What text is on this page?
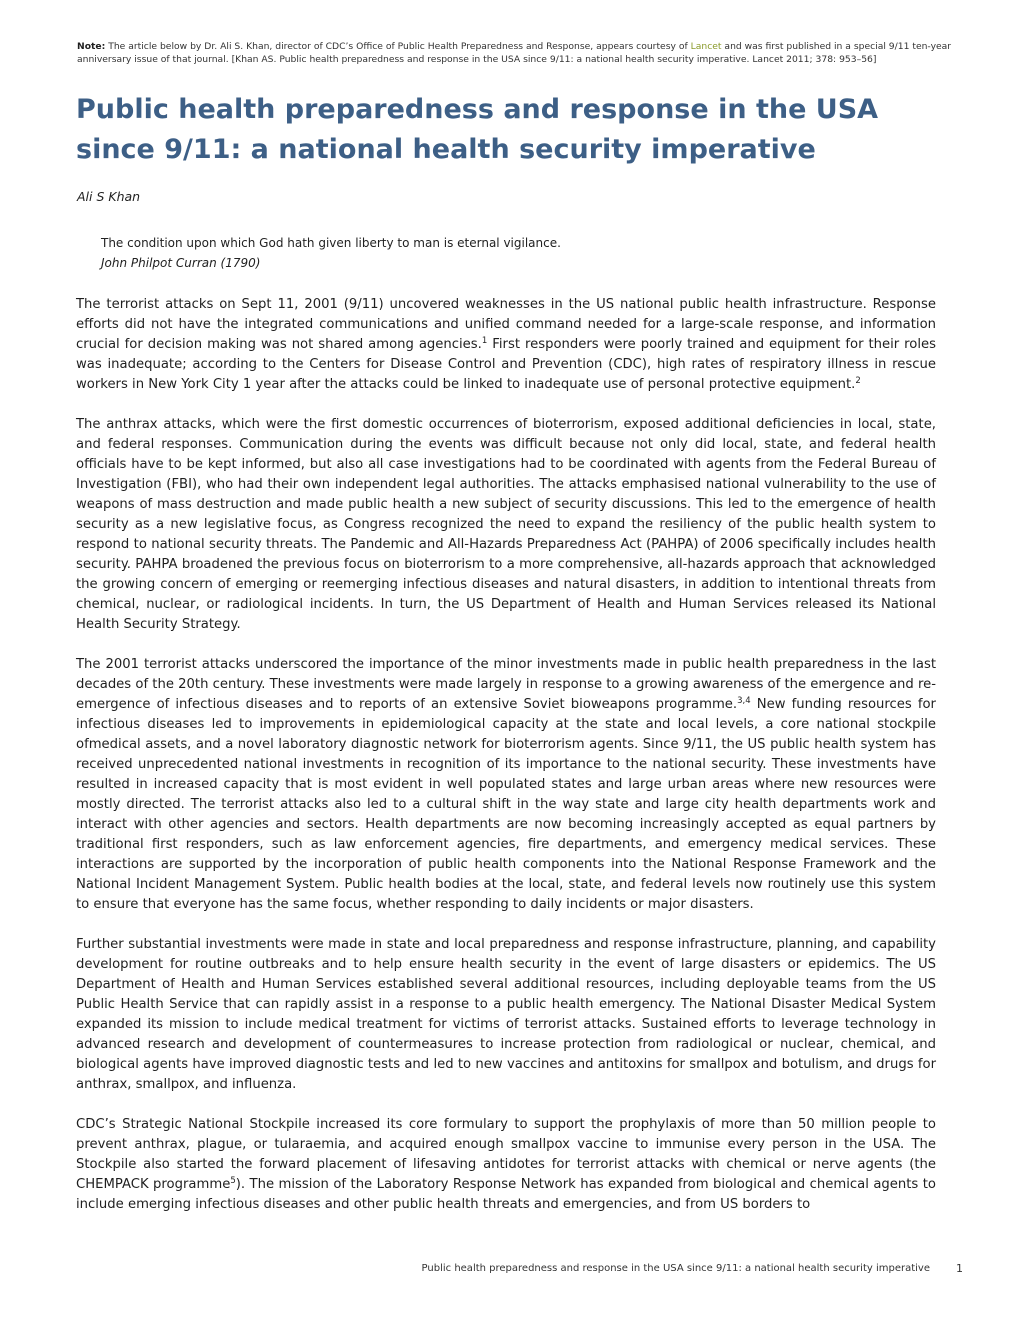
Note: The article below by Dr. Ali S. Khan, director of CDC’s Office of Public Health Preparedness and Response, appears courtesy of Lancet and was first published in a special 9/11 ten-year anniversary issue of that journal. [Khan AS. Public health preparedness and response in the USA since 9/11: a national health security imperative. Lancet 2011; 378: 953–56]
Public health preparedness and response in the USA
since 9/11: a national health security imperative

Ali S Khan

The condition upon which God hath given liberty to man is eternal vigilance.
John Philpot Curran (1790)

The terrorist attacks on Sept 11, 2001 (9/11) uncovered weaknesses in the US national public health infrastructure. Response efforts did not have the integrated communications and unified command needed for a large-scale response, and information crucial for decision making was not shared among agencies.$^1$ First responders were poorly trained and equipment for their roles was inadequate; according to the Centers for Disease Control and Prevention (CDC), high rates of respiratory illness in rescue workers in New York City 1 year after the attacks could be linked to inadequate use of personal protective equipment.$^2$

The anthrax attacks, which were the first domestic occurrences of bioterrorism, exposed additional deficiencies in local, state, and federal responses. Communication during the events was difficult because not only did local, state, and federal health officials have to be kept informed, but also all case investigations had to be coordinated with agents from the Federal Bureau of Investigation (FBI), who had their own independent legal authorities. The attacks emphasised national vulnerability to the use of weapons of mass destruction and made public health a new subject of security discussions. This led to the emergence of health security as a new legislative focus, as Congress recognized the need to expand the resiliency of the public health system to respond to national security threats. The Pandemic and All-Hazards Preparedness Act (PAHPA) of 2006 specifically includes health security. PAHPA broadened the previous focus on bioterrorism to a more comprehensive, all-hazards approach that acknowledged the growing concern of emerging or reemerging infectious diseases and natural disasters, in addition to intentional threats from chemical, nuclear, or radiological incidents. In turn, the US Department of Health and Human Services released its National Health Security Strategy.

The 2001 terrorist attacks underscored the importance of the minor investments made in public health preparedness in the last decades of the 20th century. These investments were made largely in response to a growing awareness of the emergence and re-emergence of infectious diseases and to reports of an extensive Soviet bioweapons programme.$^{3,4}$ New funding resources for infectious diseases led to improvements in epidemiological capacity at the state and local levels, a core national stockpile ofmedical assets, and a novel laboratory diagnostic network for bioterrorism agents. Since 9/11, the US public health system has received unprecedented national investments in recognition of its importance to the national security. These investments have resulted in increased capacity that is most evident in well populated states and large urban areas where new resources were mostly directed. The terrorist attacks also led to a cultural shift in the way state and large city health departments work and interact with other agencies and sectors. Health departments are now becoming increasingly accepted as equal partners by traditional first responders, such as law enforcement agencies, fire departments, and emergency medical services. These interactions are supported by the incorporation of public health components into the National Response Framework and the National Incident Management System. Public health bodies at the local, state, and federal levels now routinely use this system to ensure that everyone has the same focus, whether responding to daily incidents or major disasters.

Further substantial investments were made in state and local preparedness and response infrastructure, planning, and capability development for routine outbreaks and to help ensure health security in the event of large disasters or epidemics. The US Department of Health and Human Services established several additional resources, including deployable teams from the US Public Health Service that can rapidly assist in a response to a public health emergency. The National Disaster Medical System expanded its mission to include medical treatment for victims of terrorist attacks. Sustained efforts to leverage technology in advanced research and development of countermeasures to increase protection from radiological or nuclear, chemical, and biological agents have improved diagnostic tests and led to new vaccines and antitoxins for smallpox and botulism, and drugs for anthrax, smallpox, and influenza.

CDC’s Strategic National Stockpile increased its core formulary to support the prophylaxis of more than 50 million people to prevent anthrax, plague, or tularaemia, and acquired enough smallpox vaccine to immunise every person in the USA. The Stockpile also started the forward placement of lifesaving antidotes for terrorist attacks with chemical or nerve agents (the CHEMPACK programme$^5$). The mission of the Laboratory Response Network has expanded from biological and chemical agents to include emerging infectious diseases and other public health threats and emergencies, and from US borders to

Public health preparedness and response in the USA since 9/11: a national health security imperative 1
